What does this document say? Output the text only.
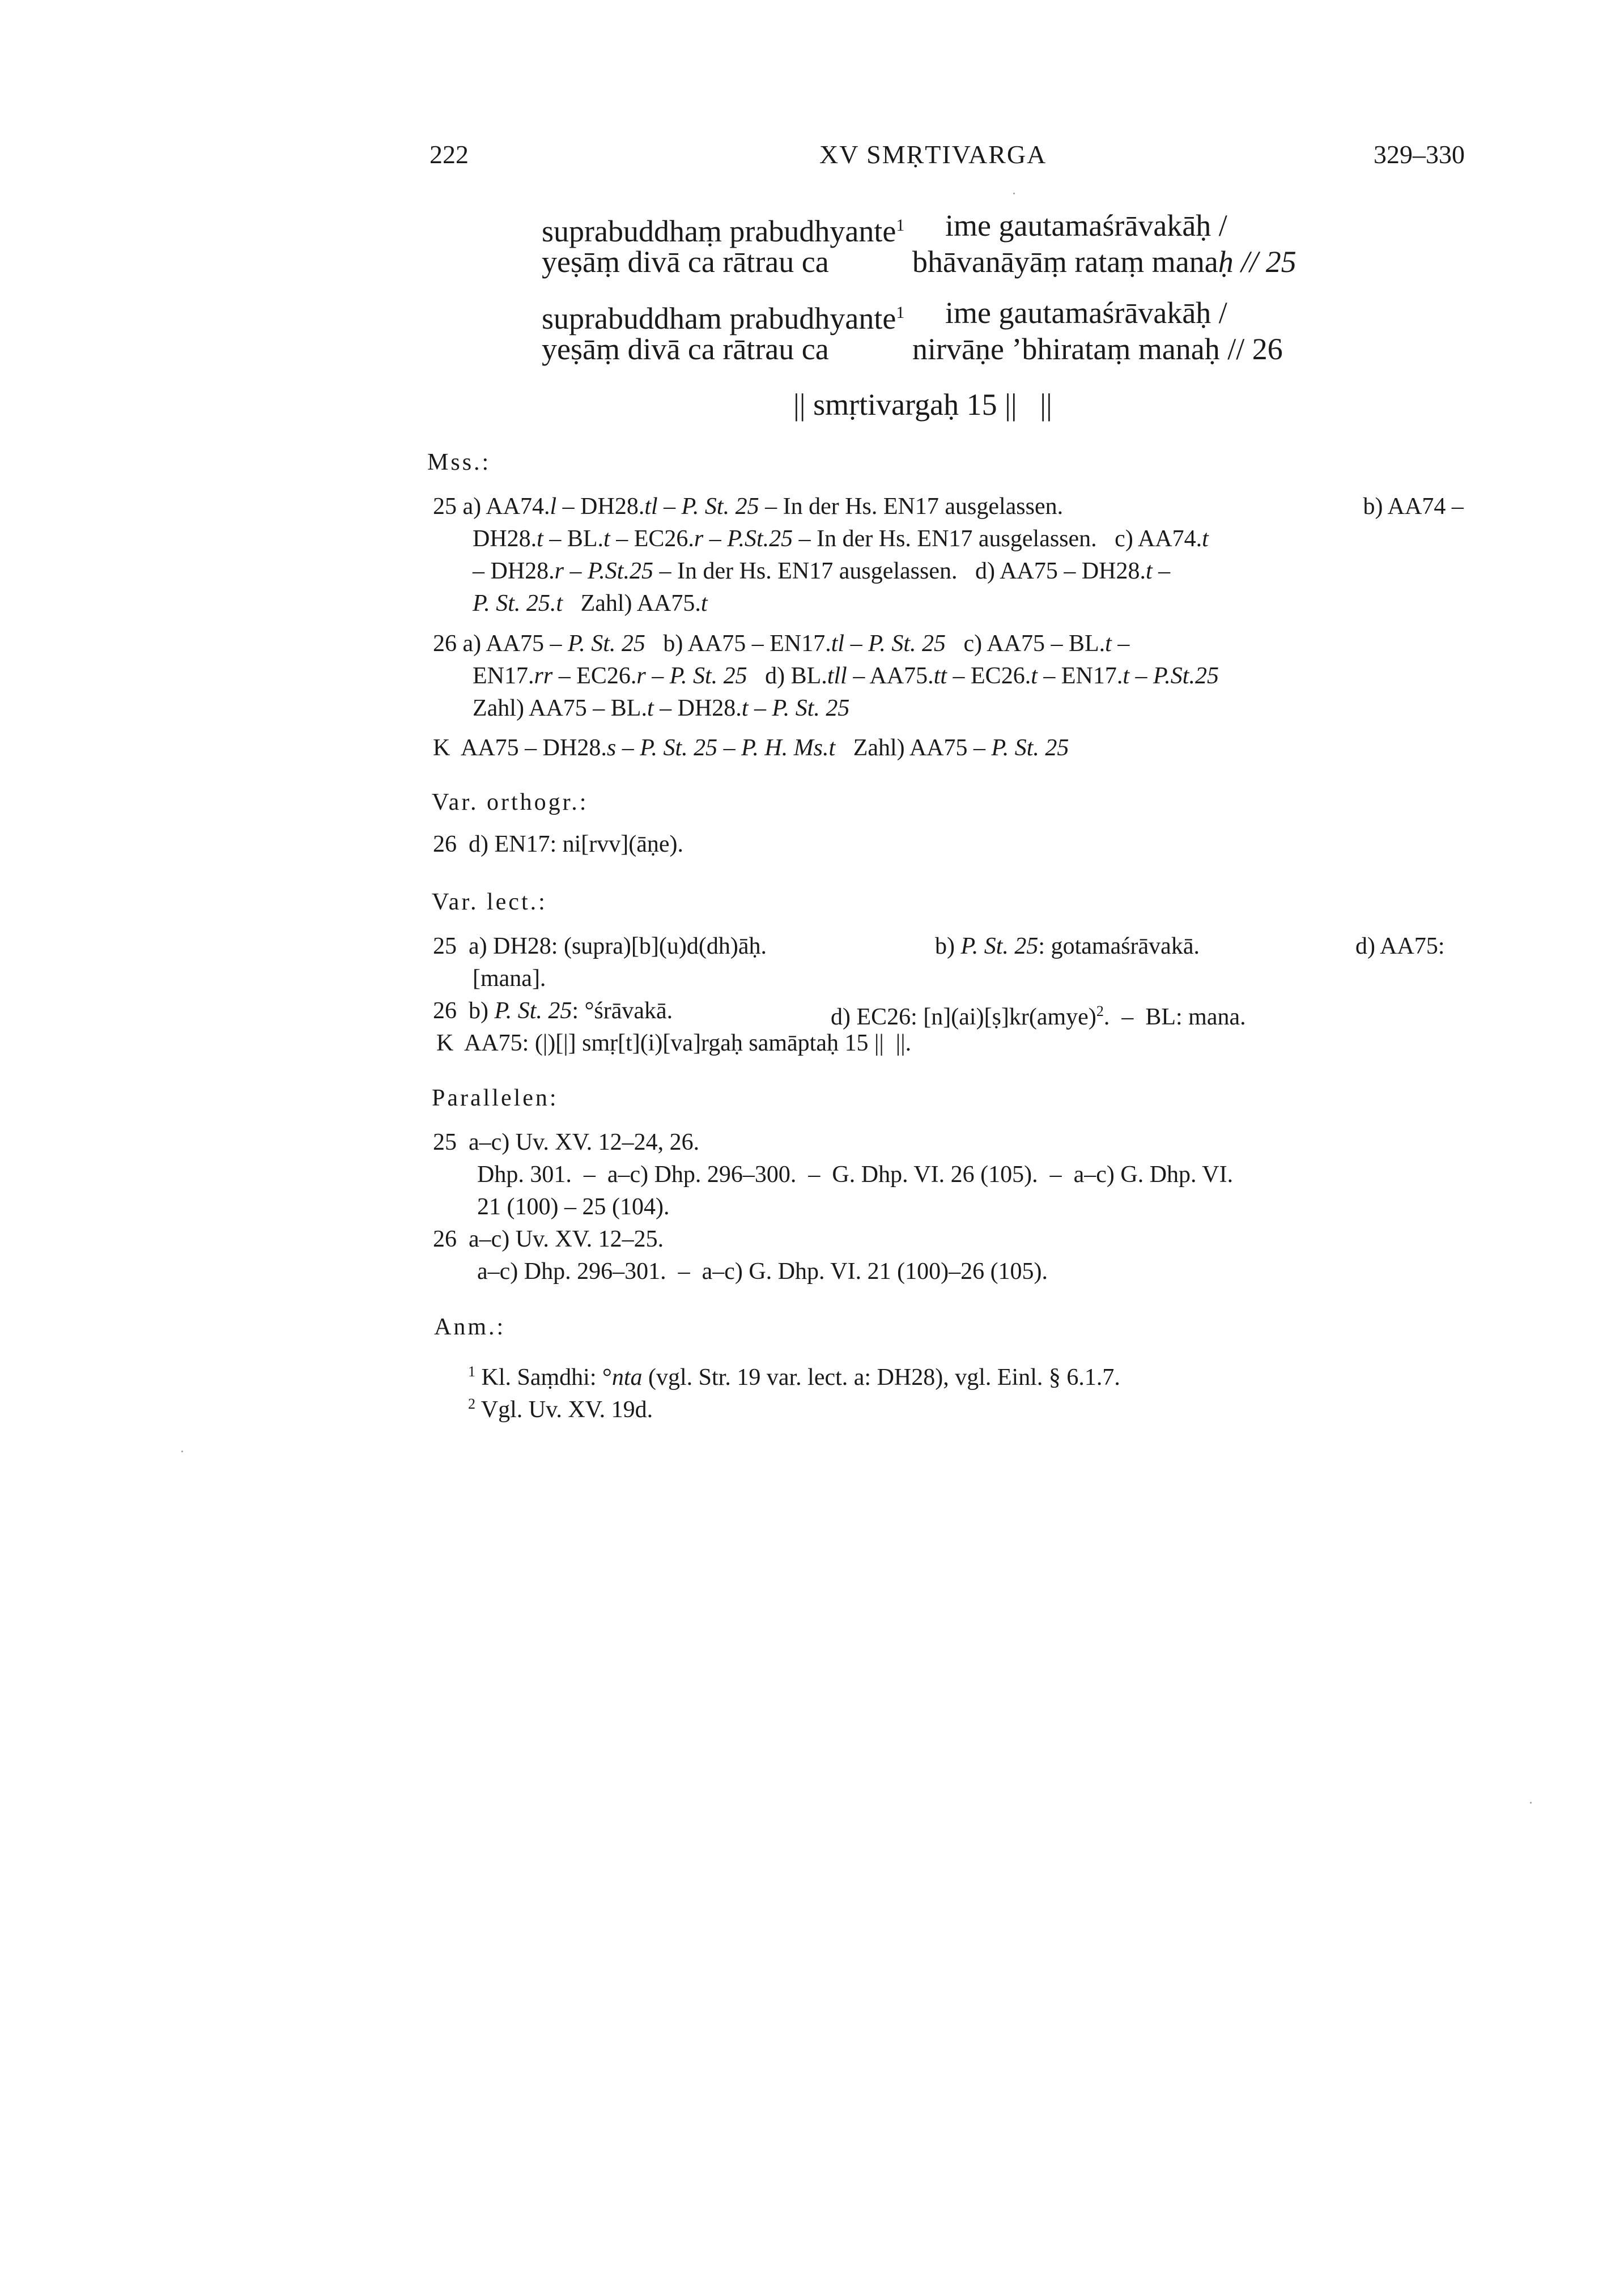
222	XV SMṚTIVARGA	329–330
suprabuddhaṃ prabudhyante$^1$ ime gautamaśrāvakāḥ /
yeṣāṃ divā ca rātrau ca	bhāvanāyāṃ rataṃ manaḥ // 25
suprabuddham prabudhyante$^1$ ime gautamaśrāvakāḥ /
yeṣāṃ divā ca rātrau ca	nirvāṇe ’bhirataṃ manaḥ // 26
|| smṛtivargaḥ 15 ||   ||
Mss.:
25 a) AA74.l – DH28.tl – P. St. 25 – In der Hs. EN17 ausgelassen.	b) AA74 –
DH28.t – BL.t – EC26.r – P.St.25 – In der Hs. EN17 ausgelassen.   c) AA74.t
– DH28.r – P.St.25 – In der Hs. EN17 ausgelassen.   d) AA75 – DH28.t –
P. St. 25.t   Zahl) AA75.t
26 a) AA75 – P. St. 25   b) AA75 – EN17.tl – P. St. 25   c) AA75 – BL.t –
EN17.rr – EC26.r – P. St. 25   d) BL.tll – AA75.tt – EC26.t – EN17.t – P.St.25
Zahl) AA75 – BL.t – DH28.t – P. St. 25
K  AA75 – DH28.s – P. St. 25 – P. H. Ms.t   Zahl) AA75 – P. St. 25
Var. orthogr.:
26  d) EN17: ni[rvv](āṇe).
Var. lect.:
25  a) DH28: (supra)[b](u)d(dh)āḥ.	b) P. St. 25: gotamaśrāvakā.	d) AA75:
[mana].
26  b) P. St. 25: °śrāvakā.	d) EC26: [n](ai)[ṣ]kr(amye)$^2$.  –  BL: mana.
K  AA75: (|)[|] smṛ[t](i)[va]rgaḥ samāptaḥ 15 ||  ||.
Parallelen:
25  a–c) Uv. XV. 12–24, 26.
Dhp. 301.  –  a–c) Dhp. 296–300.  –  G. Dhp. VI. 26 (105).  –  a–c) G. Dhp. VI.
21 (100) – 25 (104).
26  a–c) Uv. XV. 12–25.
a–c) Dhp. 296–301.  –  a–c) G. Dhp. VI. 21 (100)–26 (105).
Anm.:
$^1$ Kl. Saṃdhi: °nta (vgl. Str. 19 var. lect. a: DH28), vgl. Einl. § 6.1.7.
$^2$ Vgl. Uv. XV. 19d.
